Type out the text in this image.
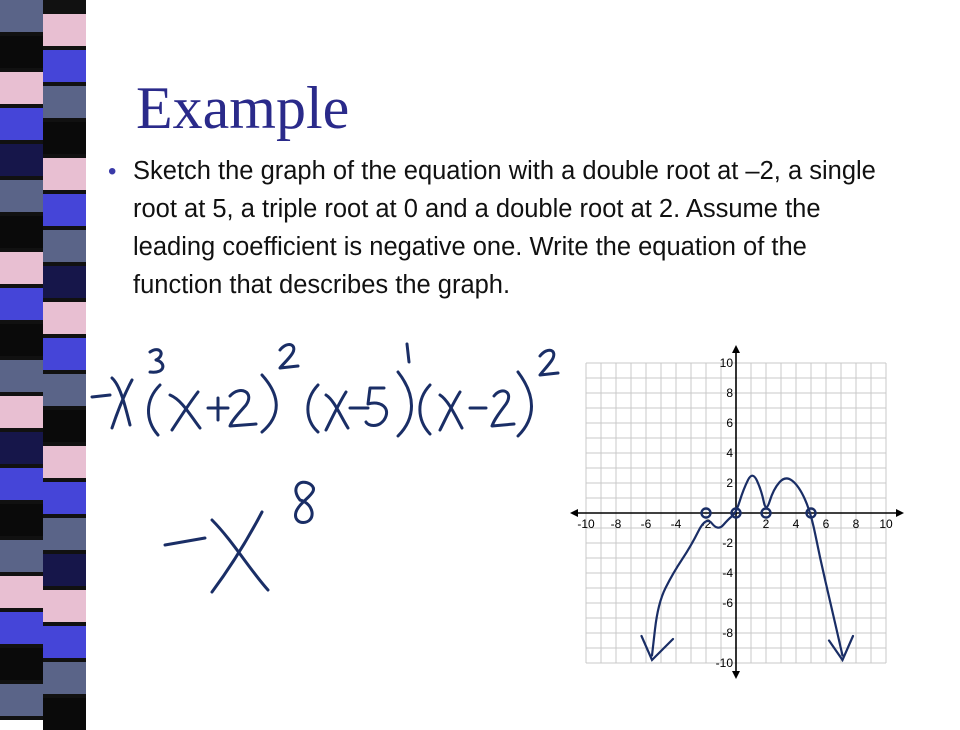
Example
• Sketch the graph of the equation with a double root at –2, a single root at 5, a triple root at 0 and a double root at 2. Assume the leading coefficient is negative one. Write the equation of the function that describes the graph.

-10 -8 -6 -4 -2	2 4 6 8 10
10
8
6
4
2
-2
-4
-6
-8
-10
